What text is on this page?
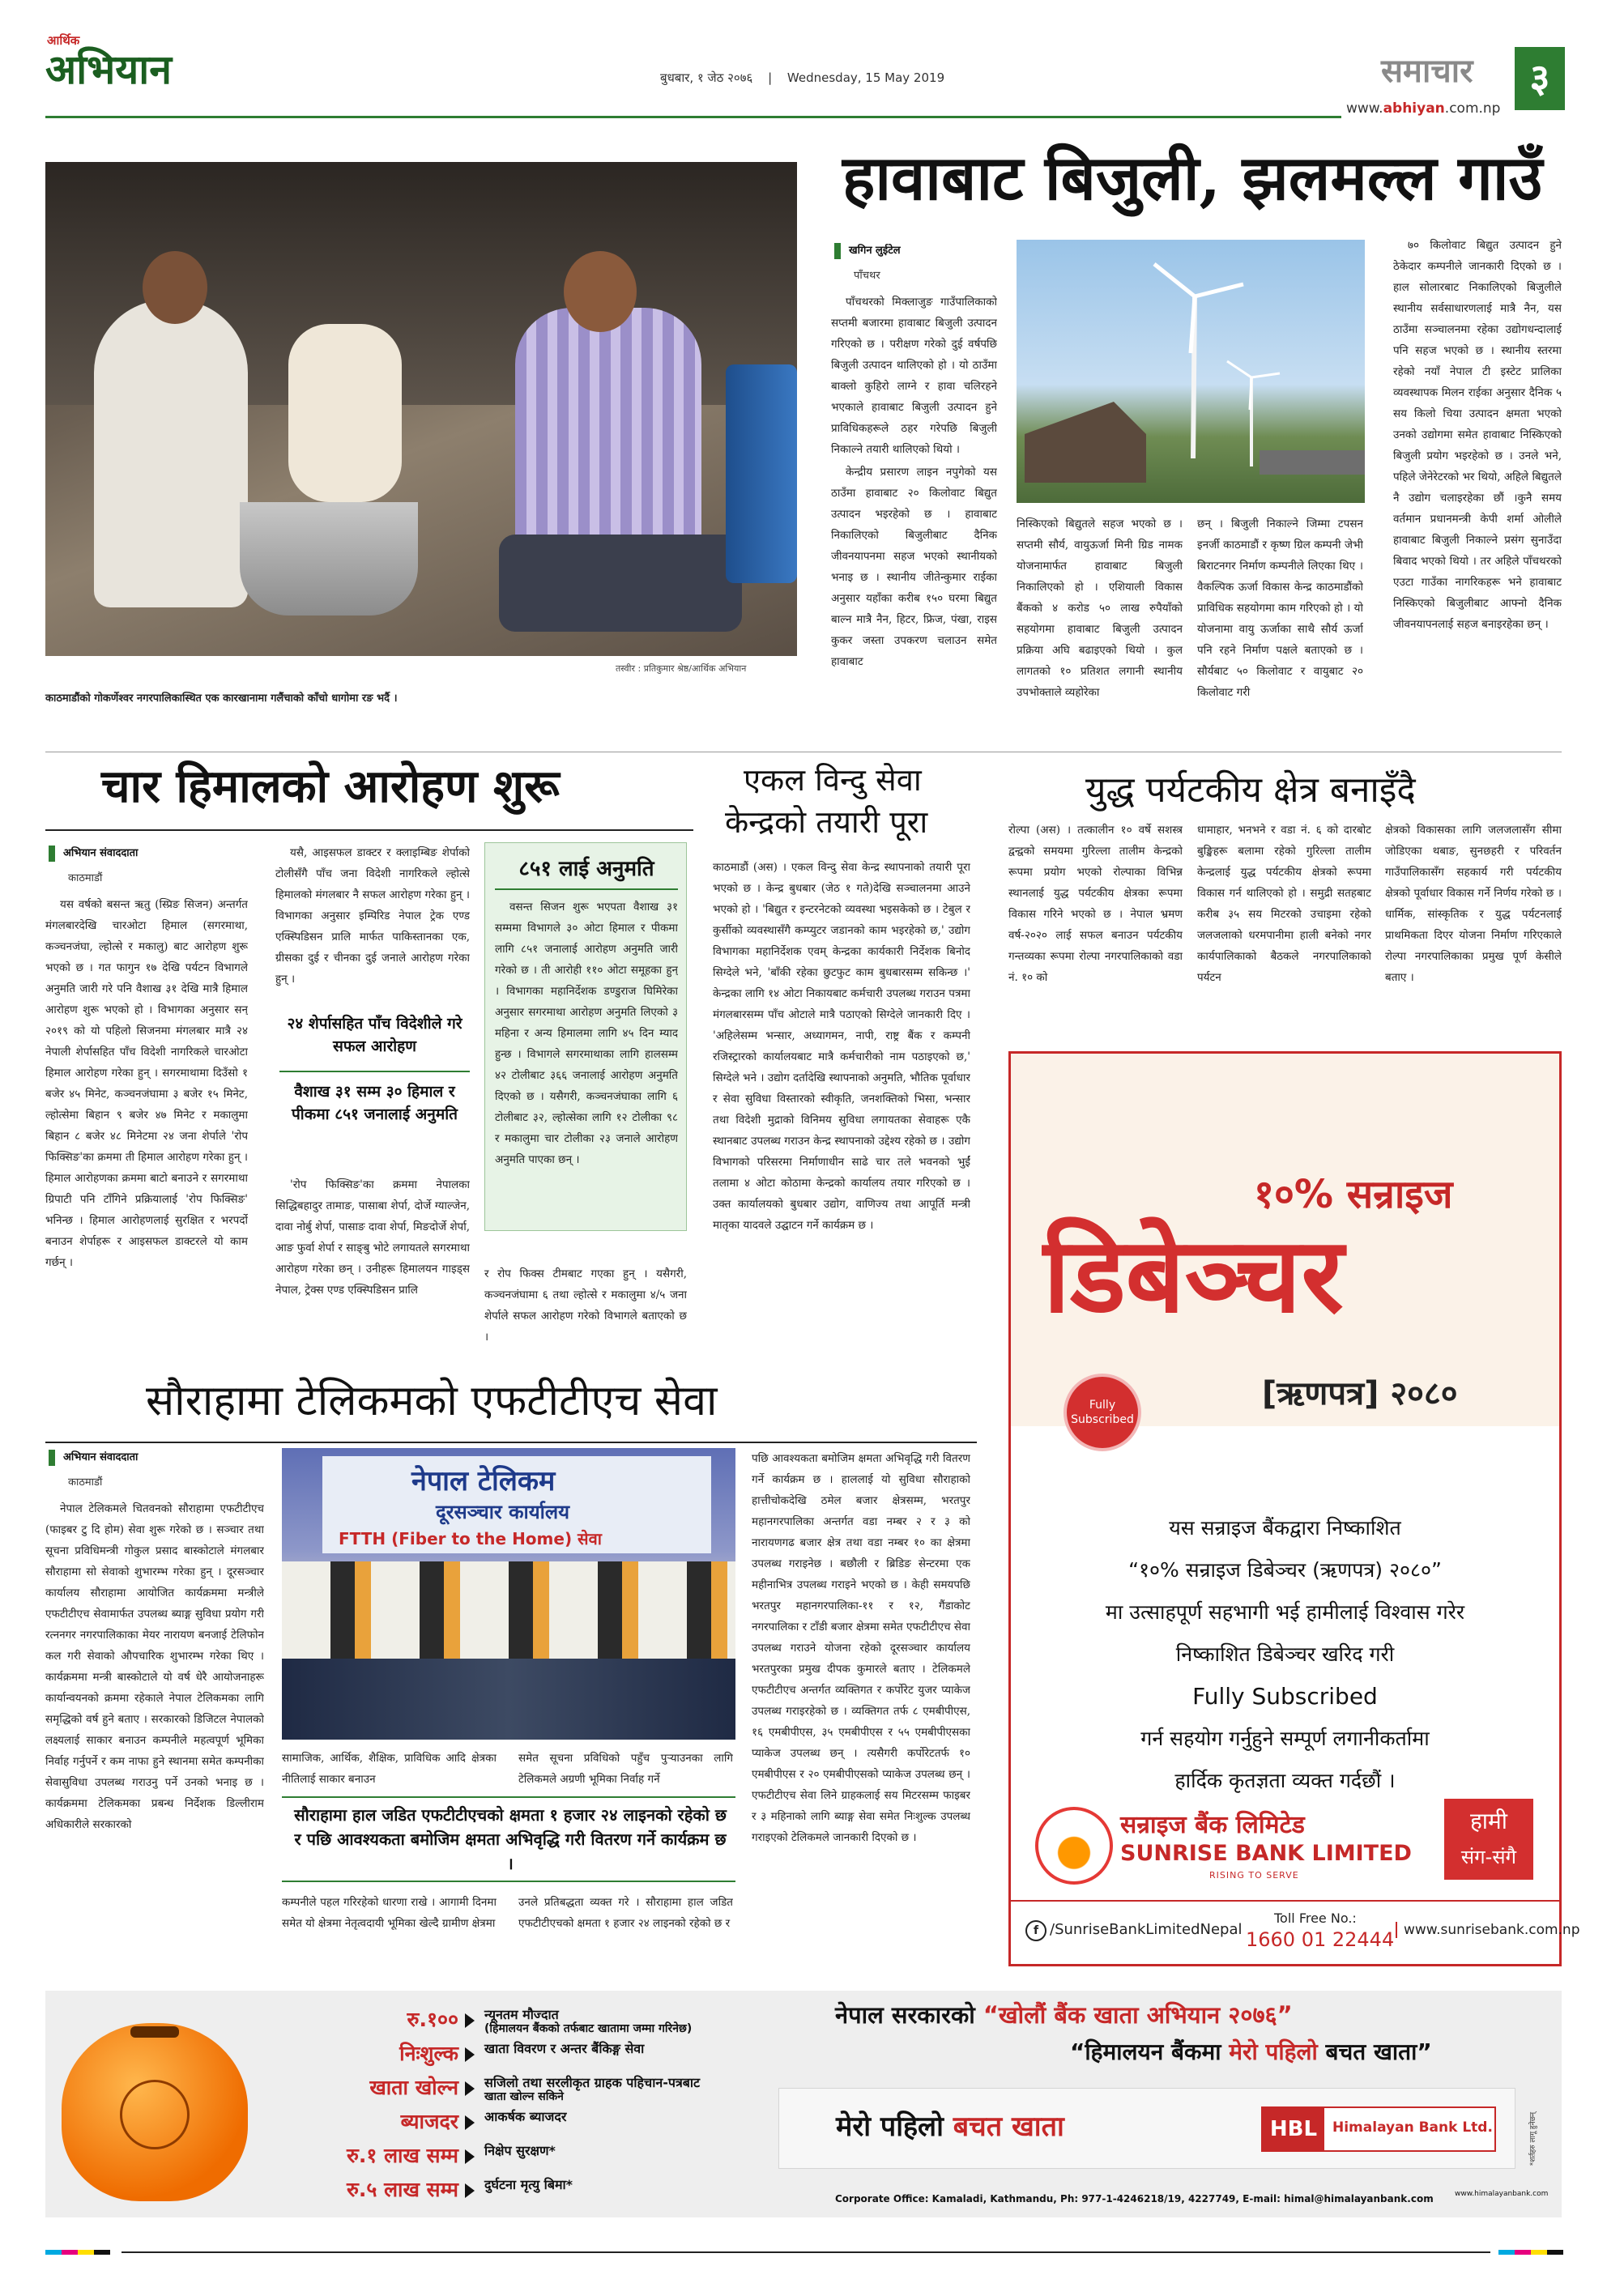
आर्थिक
अभियान	बुधबार, १ जेठ २०७६ | Wednesday, 15 May 2019	समाचार	३
www.abhiyan.com.np
तस्वीर : प्रतिकुमार श्रेष्ठ/आर्थिक अभियान
काठमाडौंको गोकर्णेश्वर नगरपालिकास्थित एक कारखानामा गलैंचाको काँचो धागोमा रङ भर्दै ।
हावाबाट बिजुली, झलमल्ल गाउँ
खगिन लुईटेल
पाँचथर

पाँचथरको मिक्लाजुङ गाउँपालिकाको सप्तमी बजारमा हावाबाट बिजुली उत्पादन गरिएको छ । परीक्षण गरेको दुई वर्षपछि बिजुली उत्पादन थालिएको हो । यो ठाउँमा बाक्लो कुहिरो लाग्ने र हावा चलिरहने भएकाले हावाबाट बिजुली उत्पादन हुने प्राविधिकहरूले ठहर गरेपछि बिजुली निकाल्ने तयारी थालिएको थियो ।

केन्द्रीय प्रसारण लाइन नपुगेको यस ठाउँमा हावाबाट २० किलोवाट बिद्युत उत्पादन भइरहेको छ । हावाबाट निकालिएको बिजुलीबाट दैनिक जीवनयापनमा सहज भएको स्थानीयको भनाइ छ । स्थानीय जीतेन्कुमार राईका अनुसार यहाँका करीब १५० घरमा बिद्युत बाल्न मात्रै नैन, हिटर, फ्रिज, पंखा, राइस कुकर जस्ता उपकरण चलाउन समेत हावाबाट

निस्किएको बिद्युतले सहज भएको छ । सप्तमी सौर्य, वायुऊर्जा मिनी ग्रिड नामक योजनामार्फत हावाबाट बिजुली निकालिएको हो । एशियाली विकास बैंकको ४ करोड ५० लाख रुपैयाँको सहयोगमा हावाबाट बिजुली उत्पादन प्रक्रिया अघि बढाइएको थियो । कुल लागतको १० प्रतिशत लगानी स्थानीय उपभोक्ताले व्यहोरेका
छन् । बिजुली निकाल्ने जिम्मा टपसन इनर्जी काठमाडौं र कृष्ण ग्रिल कम्पनी जेभी बिराटनगर निर्माण कम्पनीले लिएका थिए । वैकल्पिक ऊर्जा विकास केन्द्र काठमाडौंको प्राविधिक सहयोगमा काम गरिएको हो । यो योजनामा वायु ऊर्जाका साथै सौर्य ऊर्जा पनि रहने निर्माण पक्षले बताएको छ । सौर्यबाट ५० किलोवाट र वायुबाट २० किलोवाट गरी
७० किलोवाट बिद्युत उत्पादन हुने ठेकेदार कम्पनीले जानकारी दिएको छ । हाल सोलारबाट निकालिएको बिजुलीले स्थानीय सर्वसाधारणलाई मात्रै नैन, यस ठाउँमा सञ्चालनमा रहेका उद्योगधन्दालाई पनि सहज भएको छ । स्थानीय स्तरमा रहेको नयाँ नेपाल टी इस्टेट प्रालिका व्यवस्थापक मिलन राईका अनुसार दैनिक ५ सय किलो चिया उत्पादन क्षमता भएको उनको उद्योगमा समेत हावाबाट निस्किएको बिजुली प्रयोग भइरहेको छ । उनले भने, पहिले जेनेरेटरको भर थियो, अहिले बिद्युतले नै उद्योग चलाइरहेका छौं ।कुनै समय वर्तमान प्रधानमन्त्री केपी शर्मा ओलीले हावाबाट बिजुली निकाल्ने प्रसंग सुनाउँदा बिवाद भएको थियो । तर अहिले पाँचथरको एउटा गाउँका नागरिकहरू भने हावाबाट निस्किएको बिजुलीबाट आफ्नो दैनिक जीवनयापनलाई सहज बनाइरहेका छन् ।
चार हिमालको आरोहण शुरू
अभियान संवाददाता
काठमाडौं
यस वर्षको बसन्त ऋतु (स्प्रिङ सिजन) अन्तर्गत मंगलबारदेखि चारओटा हिमाल (सगरमाथा, कञ्चनजंघा, ल्होत्से र मकालु) बाट आरोहण शुरू भएको छ । गत फागुन १७ देखि पर्यटन विभागले अनुमति जारी गरे पनि वैशाख ३१ देखि मात्रै हिमाल आरोहण शुरू भएको हो । विभागका अनुसार सन् २०१९ को यो पहिलो सिजनमा मंगलबार मात्रै २४ नेपाली शेर्पासहित पाँच विदेशी नागरिकले चारओटा हिमाल आरोहण गरेका हुन् । सगरमाथामा दिउँसो १ बजेर ४५ मिनेट, कञ्चनजंघामा ३ बजेर १५ मिनेट, ल्होत्सेमा बिहान ९ बजेर ४७ मिनेट र मकालुमा बिहान ८ बजेर ४८ मिनेटमा २४ जना शेर्पाले 'रोप फिक्सिङ'का क्रममा ती हिमाल आरोहण गरेका हुन् । हिमाल आरोहणका क्रममा बाटो बनाउने र सगरमाथा ग्रिपाटी पनि टाँगिने प्रक्रियालाई 'रोप फिक्सिङ' भनिन्छ । हिमाल आरोहणलाई सुरक्षित र भरपर्दो बनाउन शेर्पाहरू र आइसफल डाक्टरले यो काम गर्छन् ।
यसै, आइसफल डाक्टर र क्लाइम्बिङ शेर्पाको टोलीसँगै पाँच जना विदेशी नागरिकले ल्होत्से हिमालको मंगलबार नै सफल आरोहण गरेका हुन् । विभागका अनुसार इम्पिरिड नेपाल ट्रेक एण्ड एक्स्पिडिसन प्रालि मार्फत पाकिस्तानका एक, ग्रीसका दुई र चीनका दुई जनाले आरोहण गरेका हुन् ।
२४ शेर्पासहित पाँच विदेशीले गरे सफल आरोहण
वैशाख ३१ सम्म ३० हिमाल र पीकमा ८५१ जनालाई अनुमति
'रोप फिक्सिङ'का क्रममा नेपालका सिद्धिबहादुर तामाङ, पासाबा शेर्पा, दोर्जे ग्याल्जेन, दावा नोर्बु शेर्पा, पासाङ दावा शेर्पा, मिङदोर्जे शेर्पा, आङ फुर्वा शेर्पा र साङ्बु भोटे लगायतले सगरमाथा आरोहण गरेका छन् । उनीहरू हिमालयन गाइड्स नेपाल, ट्रेक्स एण्ड एक्स्पिडिसन प्रालि
८५१ लाई अनुमति
वसन्त सिजन शुरू भएपता वैशाख ३१ सम्ममा विभागले ३० ओटा हिमाल र पीकमा लागि ८५१ जनालाई आरोहण अनुमति जारी गरेको छ । ती आरोही ११० ओटा समूहका हुन् । विभागका महानिर्देशक डण्डुराज घिमिरेका अनुसार सगरमाथा आरोहण अनुमति लिएको ३ महिना र अन्य हिमालमा लागि ४५ दिन म्याद हुन्छ । विभागले सगरमाथाका लागि हालसम्म ४२ टोलीबाट ३६६ जनालाई आरोहण अनुमति दिएको छ । यसैगरी, कञ्चनजंघाका लागि ६ टोलीबाट ३२, ल्होत्सेका लागि १२ टोलीका ९८ र मकालुमा चार टोलीका २३ जनाले आरोहण अनुमति पाएका छन् ।
र रोप फिक्स टीमबाट गएका हुन् । यसैगरी, कञ्चनजंघामा ६ तथा ल्होत्से र मकालुमा ४/५ जना शेर्पाले सफल आरोहण गरेको विभागले बताएको छ ।
एकल विन्दु सेवा
केन्द्रको तयारी पूरा
काठमाडौं (अस) । एकल विन्दु सेवा केन्द्र स्थापनाको तयारी पूरा भएको छ । केन्द्र बुधबार (जेठ १ गते)देखि सञ्चालनमा आउने भएको हो । 'बिद्युत र इन्टरनेटको व्यवस्था भइसकेको छ । टेबुल र कुर्सीको व्यवस्थासँगै कम्प्युटर जडानको काम भइरहेको छ,' उद्योग विभागका महानिर्देशक एवम् केन्द्रका कार्यकारी निर्देशक बिनोद सिग्देले भने, 'बाँकी रहेका छुटफुट काम बुधबारसम्म सकिन्छ ।' केन्द्रका लागि १४ ओटा निकायबाट कर्मचारी उपलब्ध गराउन पत्रमा मंगलबारसम्म पाँच ओटाले मात्रै पठाएको सिग्देले जानकारी दिए । 'अहिलेसम्म भन्सार, अध्यागमन, नापी, राष्ट्र बैंक र कम्पनी रजिस्ट्रारको कार्यालयबाट मात्रै कर्मचारीको नाम पठाइएको छ,' सिग्देले भने । उद्योग दर्तादेखि स्थापनाको अनुमति, भौतिक पूर्वाधार र सेवा सुविधा विस्तारको स्वीकृति, जनशक्तिको भिसा, भन्सार तथा विदेशी मुद्राको विनिमय सुविधा लगायतका सेवाहरू एकै स्थानबाट उपलब्ध गराउन केन्द्र स्थापनाको उद्देश्य रहेको छ । उद्योग विभागको परिसरमा निर्माणाधीन साढे चार तले भवनको भुईं तलामा ४ ओटा कोठामा केन्द्रको कार्यालय तयार गरिएको छ । उक्त कार्यालयको बुधबार उद्योग, वाणिज्य तथा आपूर्ति मन्त्री मातृका यादवले उद्घाटन गर्ने कार्यक्रम छ ।
युद्ध पर्यटकीय क्षेत्र बनाइँदै
रोल्पा (अस) । तत्कालीन १० वर्षे सशस्त्र द्वन्द्वको समयमा गुरिल्ला तालीम केन्द्रको रूपमा प्रयोग भएको रोल्पाका विभिन्न स्थानलाई युद्ध पर्यटकीय क्षेत्रका रूपमा विकास गरिने भएको छ । नेपाल भ्रमण वर्ष-२०२० लाई सफल बनाउन पर्यटकीय गन्तव्यका रूपमा रोल्पा नगरपालिकाको वडा नं. १० को
धामाहार, भनभने र वडा नं. ६ को दारबोट बुङ्खिहरू बलामा रहेको गुरिल्ला तालीम केन्द्रलाई युद्ध पर्यटकीय क्षेत्रको रूपमा विकास गर्न थालिएको हो । समुद्री सतहबाट करीब ३५ सय मिटरको उचाइमा रहेको जलजलाको धरमपानीमा हाली बनेको नगर कार्यपालिकाको बैठकले नगरपालिकाको पर्यटन
क्षेत्रको विकासका लागि जलजलासँग सीमा जोडिएका थबाङ, सुनछहरी र परिवर्तन गाउँपालिकासँग सहकार्य गरी पर्यटकीय क्षेत्रको पूर्वाधार विकास गर्ने निर्णय गरेको छ । धार्मिक, सांस्कृतिक र युद्ध पर्यटनलाई प्राथमिकता दिएर योजना निर्माण गरिएकाले रोल्पा नगरपालिकाका प्रमुख पूर्ण केसीले बताए ।
१०% सन्राइज
डिबेञ्चर
[ऋणपत्र] २०८०
Fully
Subscribed
यस सन्राइज बैंकद्वारा निष्काशित
“१०% सन्राइज डिबेञ्चर (ऋणपत्र) २०८०”
मा उत्साहपूर्ण सहभागी भई हामीलाई विश्वास गरेर
निष्काशित डिबेञ्चर खरिद गरी
Fully Subscribed
गर्न सहयोग गर्नुहुने सम्पूर्ण लगानीकर्तामा
हार्दिक कृतज्ञता व्यक्त गर्दछौं ।
सन्राइज बैंक लिमिटेड
SUNRISE BANK LIMITED
RISING TO SERVE
हामी
संग-संगै
f /SunriseBankLimitedNepal
Toll Free No.:
1660 01 22444 www.sunrisebank.com.np
सौराहामा टेलिकमको एफटीटीएच सेवा
अभियान संवाददाता
काठमाडौं
नेपाल टेलिकमले चितवनको सौराहामा एफटीटीएच (फाइबर टु दि होम) सेवा शुरू गरेको छ । सञ्चार तथा सूचना प्रविधिमन्त्री गोकुल प्रसाद बास्कोटाले मंगलबार सौराहामा सो सेवाको शुभारम्भ गरेका हुन् । दूरसञ्चार कार्यालय सौराहामा आयोजित कार्यक्रममा मन्त्रीले एफटीटीएच सेवामार्फत उपलब्ध ब्याङ्ग सुविधा प्रयोग गरी रत्ननगर नगरपालिकाका मेयर नारायण बनजाई टेलिफोन कल गरी सेवाको औपचारिक शुभारम्भ गरेका थिए । कार्यक्रममा मन्त्री बास्कोटाले यो वर्ष धेरै आयोजनाहरू कार्यान्वयनको क्रममा रहेकाले नेपाल टेलिकमका लागि समृद्धिको वर्ष हुने बताए । सरकारको डिजिटल नेपालको लक्ष्यलाई साकार बनाउन कम्पनीले महत्वपूर्ण भूमिका निर्वाह गर्नुपर्ने र कम नाफा हुने स्थानमा समेत कम्पनीका सेवासुविधा उपलब्ध गराउनु पर्ने उनको भनाइ छ । कार्यक्रममा टेलिकमका प्रबन्ध निर्देशक डिल्लीराम अधिकारीले सरकारको
नेपाल टेलिकम
दूरसञ्चार कार्यालय
FTTH (Fiber to the Home) सेवा
सामाजिक, आर्थिक, शैक्षिक, प्राविधिक आदि क्षेत्रका नीतिलाई साकार बनाउन
समेत सूचना प्रविधिको पहुँच पुऱ्याउनका लागि टेलिकमले अग्रणी भूमिका निर्वाह गर्ने
सौराहामा हाल जडित एफटीटीएचको क्षमता १ हजार २४ लाइनको रहेको छ र पछि आवश्यकता बमोजिम क्षमता अभिवृद्धि गरी वितरण गर्ने कार्यक्रम छ ।
कम्पनीले पहल गरिरहेको धारणा राखे । आगामी दिनमा समेत यो क्षेत्रमा नेतृत्वदायी भूमिका खेल्दै ग्रामीण क्षेत्रमा
उनले प्रतिबद्धता व्यक्त गरे । सौराहामा हाल जडित एफटीटीएचको क्षमता १ हजार २४ लाइनको रहेको छ र
पछि आवश्यकता बमोजिम क्षमता अभिवृद्धि गरी वितरण गर्ने कार्यक्रम छ । हाललाई यो सुविधा सौराहाको हात्तीचोकदेखि ठमेल बजार क्षेत्रसम्म, भरतपुर महानगरपालिका अन्तर्गत वडा नम्बर २ र ३ को नारायणगढ बजार क्षेत्र तथा वडा नम्बर १० का क्षेत्रमा उपलब्ध गराइनेछ । बछौली र ब्रिडिङ सेन्टरमा एक महीनाभित्र उपलब्ध गराइने भएको छ । केही समयपछि भरतपुर महानगरपालिका-११ र १२, गैंडाकोट नगरपालिका र टाँडी बजार क्षेत्रमा समेत एफटीटीएच सेवा उपलब्ध गराउने योजना रहेको दूरसञ्चार कार्यालय भरतपुरका प्रमुख दीपक कुमारले बताए । टेलिकमले एफटीटीएच अन्तर्गत व्यक्तिगत र कर्पोरेट युजर प्याकेज उपलब्ध गराइरहेको छ । व्यक्तिगत तर्फ ८ एमबीपीएस, १६ एमबीपीएस, ३५ एमबीपीएस र ५५ एमबीपीएसका प्याकेज उपलब्ध छन् । त्यसैगरी कर्पोरेटतर्फ १० एमबीपीएस र २० एमबीपीएसको प्याकेज उपलब्ध छन् । एफटीटीएच सेवा लिने ग्राहकलाई सय मिटरसम्म फाइबर र ३ महिनाको लागि ब्याङ्ग सेवा समेत निःशुल्क उपलब्ध गराइएको टेलिकमले जानकारी दिएको छ ।
रु.१०० न्यूनतम मौज्दात
(हिमालयन बैंकको तर्फबाट खातामा जम्मा गरिनेछ)
निःशुल्क खाता विवरण र अन्तर बैंकिङ्ग सेवा
खाता खोल्न सजिलो तथा सरलीकृत ग्राहक पहिचान-पत्रबाट
खाता खोल्न सकिने
ब्याजदर आकर्षक ब्याजदर
रु.१ लाख सम्म निक्षेप सुरक्षण*
रु.५ लाख सम्म दुर्घटना मृत्यु बिमा*
नेपाल सरकारको “खोलौं बैंक खाता अभियान २०७६”
“हिमालयन बैंकमा मेरो पहिलो बचत खाता”
मेरो पहिलो बचत खाता	HBL	Himalayan Bank Ltd.	*शर्तहरु लागू हुनेछन्
Corporate Office: Kamaladi, Kathmandu, Ph: 977-1-4246218/19, 4227749, E-mail: himal@himalayanbank.com	www.himalayanbank.com
